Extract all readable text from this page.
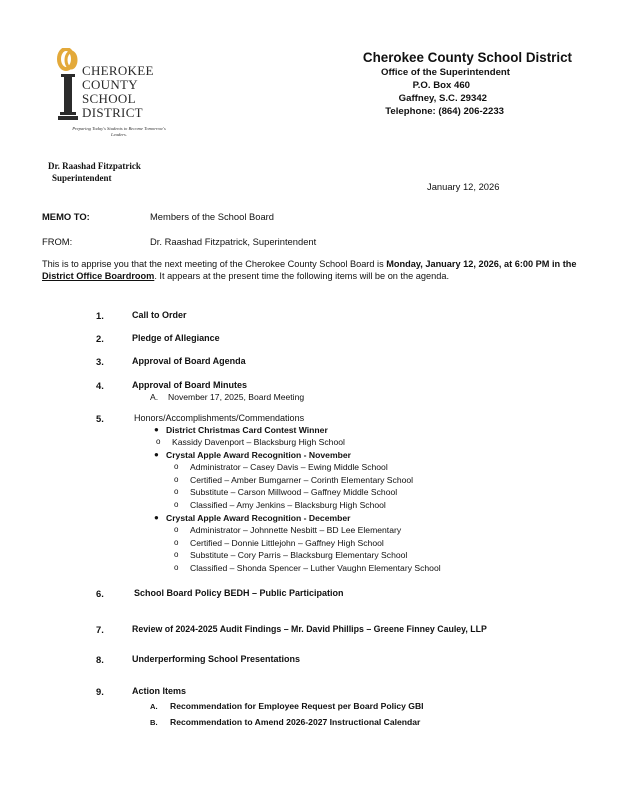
CHEROKEE
COUNTY
SCHOOL
DISTRICT
Preparing Today's Students to Become Tomorrow's Leaders.
Cherokee County School District
Office of the Superintendent
P.O. Box 460
Gaffney, S.C. 29342
Telephone: (864) 206-2233
Dr. Raashad Fitzpatrick
Superintendent
January 12, 2026
MEMO TO:	Members of the School Board
FROM:	Dr. Raashad Fitzpatrick, Superintendent
This is to apprise you that the next meeting of the Cherokee County School Board is Monday, January 12, 2026, at 6:00 PM in the District Office Boardroom. It appears at the present time the following items will be on the agenda.
1.	Call to Order
2.	Pledge of Allegiance
3.	Approval of Board Agenda
4.	Approval of Board Minutes
A. November 17, 2025, Board Meeting
5.	Honors/Accomplishments/Commendations
● District Christmas Card Contest Winner
o Kassidy Davenport – Blacksburg High School
● Crystal Apple Award Recognition - November
o Administrator – Casey Davis – Ewing Middle School
o Certified – Amber Bumgarner – Corinth Elementary School
o Substitute – Carson Millwood – Gaffney Middle School
o Classified – Amy Jenkins – Blacksburg High School
● Crystal Apple Award Recognition - December
o Administrator – Johnnette Nesbitt – BD Lee Elementary
o Certified – Donnie Littlejohn – Gaffney High School
o Substitute – Cory Parris – Blacksburg Elementary School
o Classified – Shonda Spencer – Luther Vaughn Elementary School
6.	School Board Policy BEDH – Public Participation
7.	Review of 2024-2025 Audit Findings – Mr. David Phillips – Greene Finney Cauley, LLP
8.	Underperforming School Presentations
9.	Action Items
A. Recommendation for Employee Request per Board Policy GBI
B. Recommendation to Amend 2026-2027 Instructional Calendar
